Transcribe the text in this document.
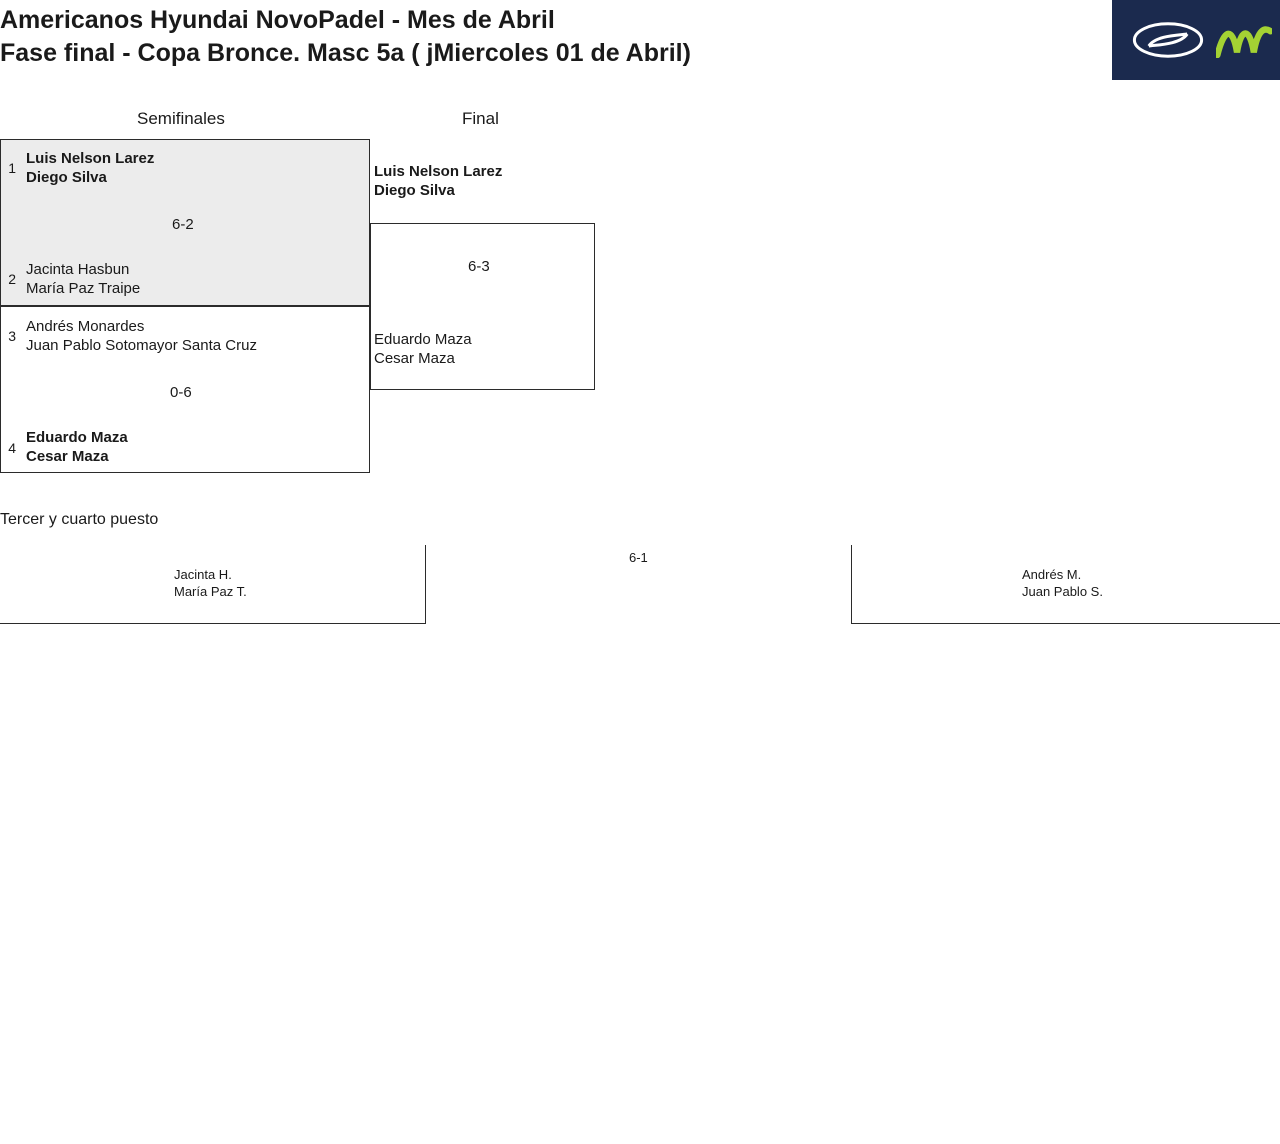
Americanos Hyundai NovoPadel - Mes de Abril
Fase final - Copa Bronce. Masc 5a ( jMiercoles 01 de Abril)
Semifinales	Final
1
Luis Nelson Larez
Diego Silva
6-2
2
Jacinta Hasbun
María Paz Traipe
3
Andrés Monardes
Juan Pablo Sotomayor Santa Cruz
0-6
4
Eduardo Maza
Cesar Maza
Luis Nelson Larez
Diego Silva
6-3
Eduardo Maza
Cesar Maza
Tercer y cuarto puesto
Jacinta H.
María Paz T.
6-1
Andrés M.
Juan Pablo S.
